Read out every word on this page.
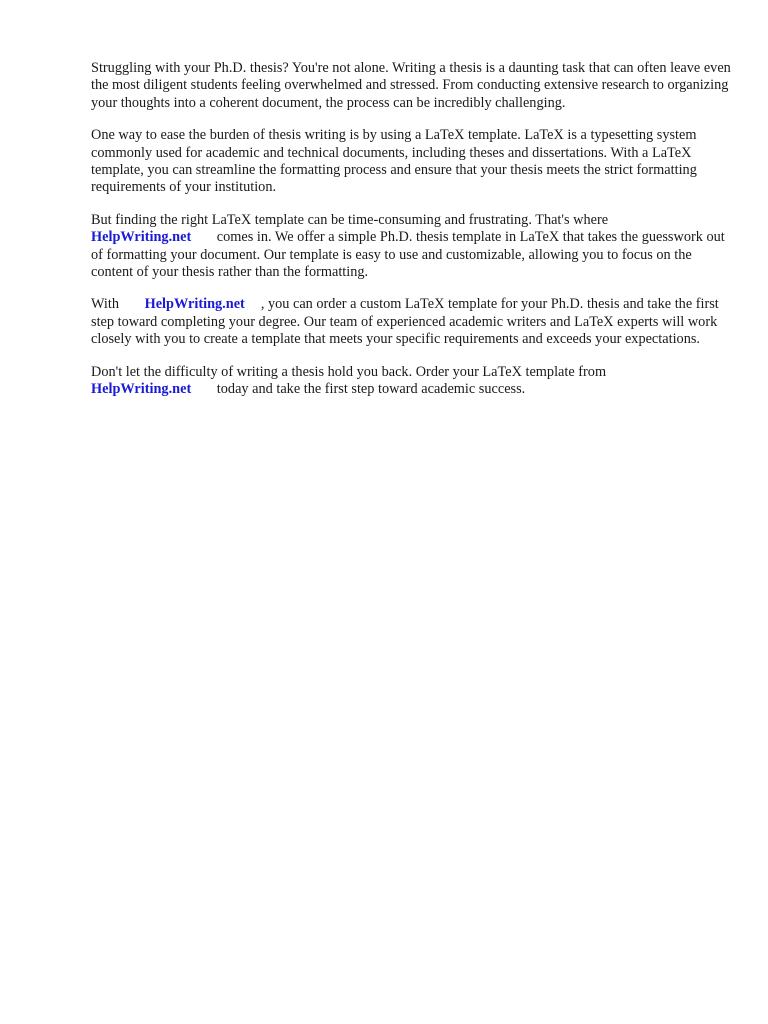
Struggling with your Ph.D. thesis? You're not alone. Writing a thesis is a daunting task that can often leave even the most diligent students feeling overwhelmed and stressed. From conducting extensive research to organizing your thoughts into a coherent document, the process can be incredibly challenging.

One way to ease the burden of thesis writing is by using a LaTeX template. LaTeX is a typesetting system commonly used for academic and technical documents, including theses and dissertations. With a LaTeX template, you can streamline the formatting process and ensure that your thesis meets the strict formatting requirements of your institution.

But finding the right LaTeX template can be time-consuming and frustrating. That's where
HelpWriting.net comes in. We offer a simple Ph.D. thesis template in LaTeX that takes the guesswork out of formatting your document. Our template is easy to use and customizable, allowing you to focus on the content of your thesis rather than the formatting.

With HelpWriting.net , you can order a custom LaTeX template for your Ph.D. thesis and take the first step toward completing your degree. Our team of experienced academic writers and LaTeX experts will work closely with you to create a template that meets your specific requirements and exceeds your expectations.

Don't let the difficulty of writing a thesis hold you back. Order your LaTeX template from
HelpWriting.net today and take the first step toward academic success.
